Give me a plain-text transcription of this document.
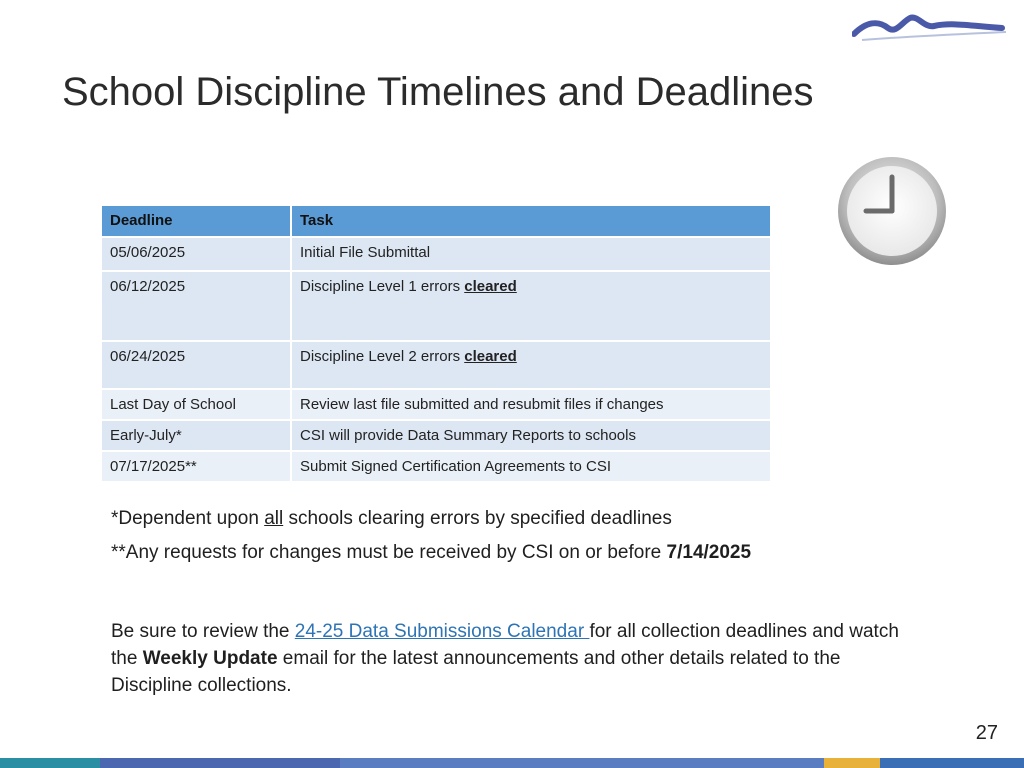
School Discipline Timelines and Deadlines
Deadline	Task
05/06/2025	Initial File Submittal
06/12/2025	Discipline Level 1 errors cleared
06/24/2025	Discipline Level 2 errors cleared
Last Day of School	Review last file submitted and resubmit files if changes
Early-July*	CSI will provide Data Summary Reports to schools
07/17/2025**	Submit Signed Certification Agreements to CSI

*Dependent upon all schools clearing errors by specified deadlines

**Any requests for changes must be received by CSI on or before 7/14/2025

Be sure to review the 24-25 Data Submissions Calendar for all collection deadlines and watch the Weekly Update email for the latest announcements and other details related to the Discipline collections.
27
